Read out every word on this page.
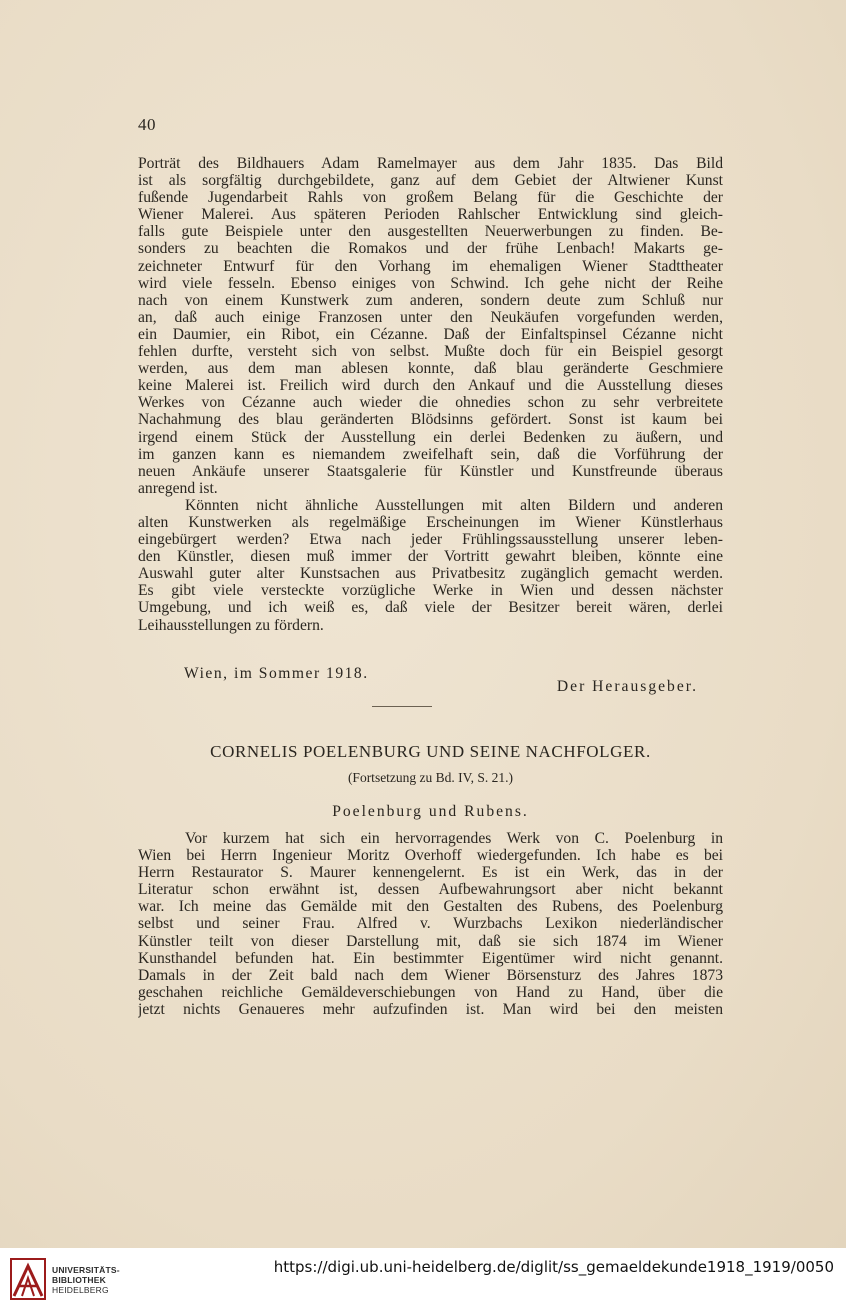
40
Porträt des Bildhauers Adam Ramelmayer aus dem Jahr 1835. Das Bild
ist als sorgfältig durchgebildete, ganz auf dem Gebiet der Altwiener Kunst
fußende Jugendarbeit Rahls von großem Belang für die Geschichte der
Wiener Malerei. Aus späteren Perioden Rahlscher Entwicklung sind gleich-
falls gute Beispiele unter den ausgestellten Neuerwerbungen zu finden. Be-
sonders zu beachten die Romakos und der frühe Lenbach! Makarts ge-
zeichneter Entwurf für den Vorhang im ehemaligen Wiener Stadttheater
wird viele fesseln. Ebenso einiges von Schwind. Ich gehe nicht der Reihe
nach von einem Kunstwerk zum anderen, sondern deute zum Schluß nur
an, daß auch einige Franzosen unter den Neukäufen vorgefunden werden,
ein Daumier, ein Ribot, ein Cézanne. Daß der Einfaltspinsel Cézanne nicht
fehlen durfte, versteht sich von selbst. Mußte doch für ein Beispiel gesorgt
werden, aus dem man ablesen konnte, daß blau geränderte Geschmiere
keine Malerei ist. Freilich wird durch den Ankauf und die Ausstellung dieses
Werkes von Cézanne auch wieder die ohnedies schon zu sehr verbreitete
Nachahmung des blau geränderten Blödsinns gefördert. Sonst ist kaum bei
irgend einem Stück der Ausstellung ein derlei Bedenken zu äußern, und
im ganzen kann es niemandem zweifelhaft sein, daß die Vorführung der
neuen Ankäufe unserer Staatsgalerie für Künstler und Kunstfreunde überaus
anregend ist.
Könnten nicht ähnliche Ausstellungen mit alten Bildern und anderen
alten Kunstwerken als regelmäßige Erscheinungen im Wiener Künstlerhaus
eingebürgert werden? Etwa nach jeder Frühlingssausstellung unserer leben-
den Künstler, diesen muß immer der Vortritt gewahrt bleiben, könnte eine
Auswahl guter alter Kunstsachen aus Privatbesitz zugänglich gemacht werden.
Es gibt viele versteckte vorzügliche Werke in Wien und dessen nächster
Umgebung, und ich weiß es, daß viele der Besitzer bereit wären, derlei
Leihausstellungen zu fördern.
Wien, im Sommer 1918.
Der Herausgeber.
CORNELIS POELENBURG UND SEINE NACHFOLGER.
(Fortsetzung zu Bd. IV, S. 21.)
Poelenburg und Rubens.
Vor kurzem hat sich ein hervorragendes Werk von C. Poelenburg in
Wien bei Herrn Ingenieur Moritz Overhoff wiedergefunden. Ich habe es bei
Herrn Restaurator S. Maurer kennengelernt. Es ist ein Werk, das in der
Literatur schon erwähnt ist, dessen Aufbewahrungsort aber nicht bekannt
war. Ich meine das Gemälde mit den Gestalten des Rubens, des Poelenburg
selbst und seiner Frau. Alfred v. Wurzbachs Lexikon niederländischer
Künstler teilt von dieser Darstellung mit, daß sie sich 1874 im Wiener
Kunsthandel befunden hat. Ein bestimmter Eigentümer wird nicht genannt.
Damals in der Zeit bald nach dem Wiener Börsensturz des Jahres 1873
geschahen reichliche Gemäldeverschiebungen von Hand zu Hand, über die
jetzt nichts Genaueres mehr aufzufinden ist. Man wird bei den meisten
UNIVERSITÄTS-
BIBLIOTHEK
HEIDELBERG
https://digi.ub.uni-heidelberg.de/diglit/ss_gemaeldekunde1918_1919/0050
